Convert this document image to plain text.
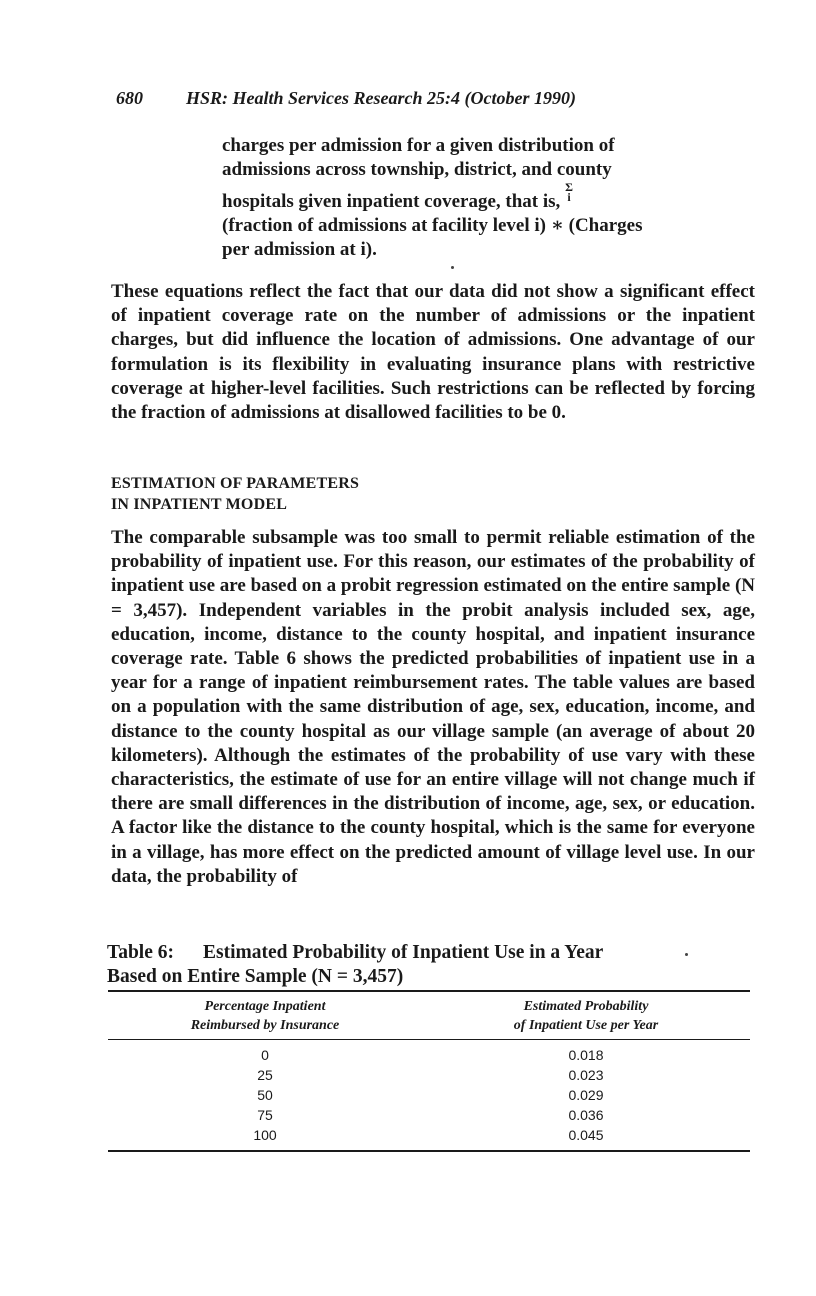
680 HSR: Health Services Research 25:4 (October 1990)

charges per admission for a given distribution of

admissions across township, district, and county

hospitals given inpatient coverage, that is, Σ
i

(fraction of admissions at facility level i) ∗ (Charges

per admission at i).

These equations reflect the fact that our data did not show a significant effect of inpatient coverage rate on the number of admissions or the inpatient charges, but did influence the location of admissions. One advantage of our formulation is its flexibility in evaluating insurance plans with restrictive coverage at higher-level facilities. Such restrictions can be reflected by forcing the fraction of admissions at disallowed facilities to be 0.

ESTIMATION OF PARAMETERS
IN INPATIENT MODEL

The comparable subsample was too small to permit reliable estimation of the probability of inpatient use. For this reason, our estimates of the probability of inpatient use are based on a probit regression estimated on the entire sample (N = 3,457). Independent variables in the probit analysis included sex, age, education, income, distance to the county hospital, and inpatient insurance coverage rate. Table 6 shows the predicted probabilities of inpatient use in a year for a range of inpatient reimbursement rates. The table values are based on a population with the same distribution of age, sex, education, income, and distance to the county hospital as our village sample (an average of about 20 kilometers). Although the estimates of the probability of use vary with these characteristics, the estimate of use for an entire village will not change much if there are small differences in the distribution of income, age, sex, or education. A factor like the distance to the county hospital, which is the same for everyone in a village, has more effect on the predicted amount of village level use. In our data, the probability of

Table 6: Estimated Probability of Inpatient Use in a Year
Based on Entire Sample (N = 3,457)
Percentage Inpatient
Reimbursed by Insurance
Estimated Probability
of Inpatient Use per Year
0	0.018
25	0.023
50	0.029
75	0.036
100	0.045
